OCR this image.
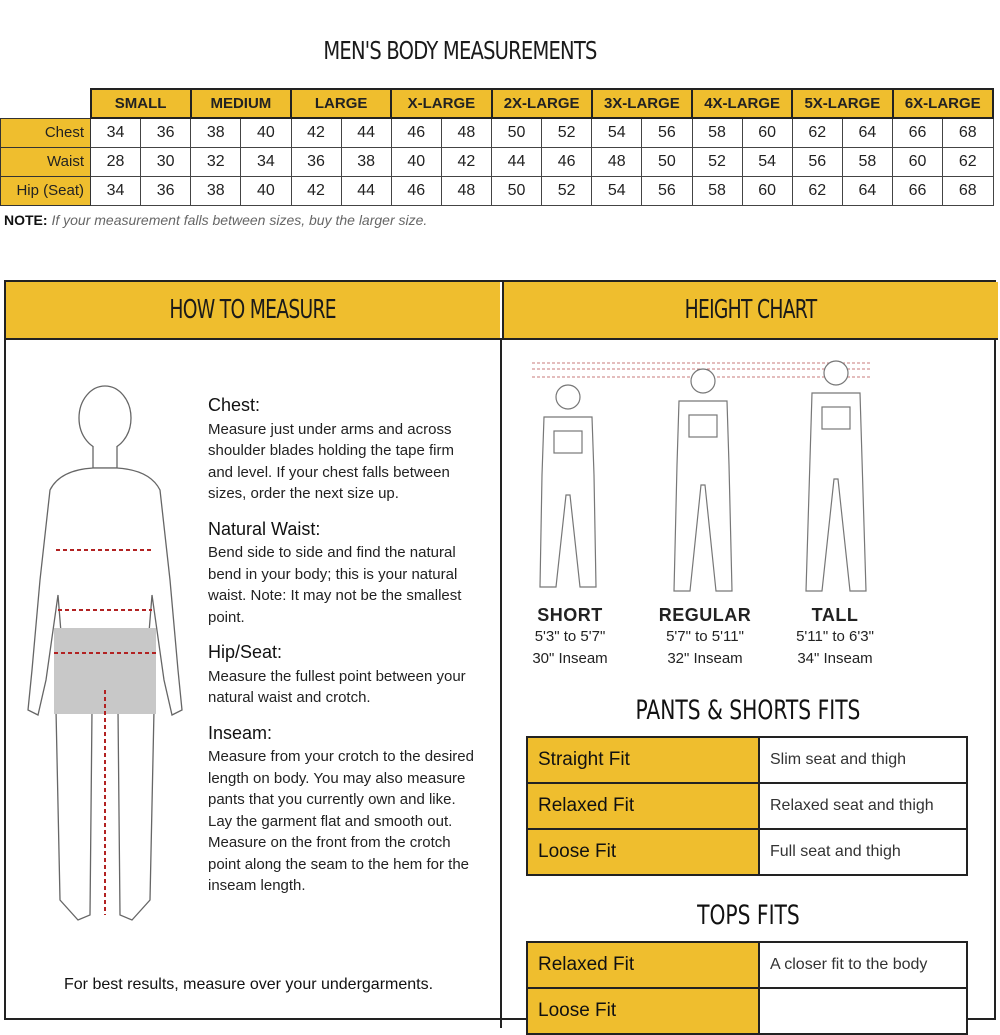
MEN'S BODY MEASUREMENTS
	SMALL		MEDIUM		LARGE		X-LARGE		2X-LARGE		3X-LARGE		4X-LARGE		5X-LARGE		6X-LARGE	
Chest	34	36	38	40	42	44	46	48	50	52	54	56	58	60	62	64	66	68
Waist	28	30	32	34	36	38	40	42	44	46	48	50	52	54	56	58	60	62
Hip (Seat)	34	36	38	40	42	44	46	48	50	52	54	56	58	60	62	64	66	68
NOTE: If your measurement falls between sizes, buy the larger size.
HOW TO MEASURE	HEIGHT CHART
Chest:

Measure just under arms and across shoulder blades holding the tape firm and level. If your chest falls between sizes, order the next size up.

Natural Waist:

Bend side to side and find the natural bend in your body; this is your natural waist. Note: It may not be the smallest point.

Hip/Seat:

Measure the fullest point between your natural waist and crotch.

Inseam:

Measure from your crotch to the desired length on body. You may also measure pants that you currently own and like. Lay the garment flat and smooth out. Measure on the front from the crotch point along the seam to the hem for the inseam length.

For best results, measure over your undergarments.
SHORT
5'3" to 5'7"
30" Inseam
REGULAR
5'7" to 5'11"
32" Inseam
TALL
5'11" to 6'3"
34" Inseam
PANTS & SHORTS FITS
Straight Fit	Slim seat and thigh
Relaxed Fit	Relaxed seat and thigh
Loose Fit	Full seat and thigh
TOPS FITS
Relaxed Fit	A closer fit to the body
Loose Fit	
